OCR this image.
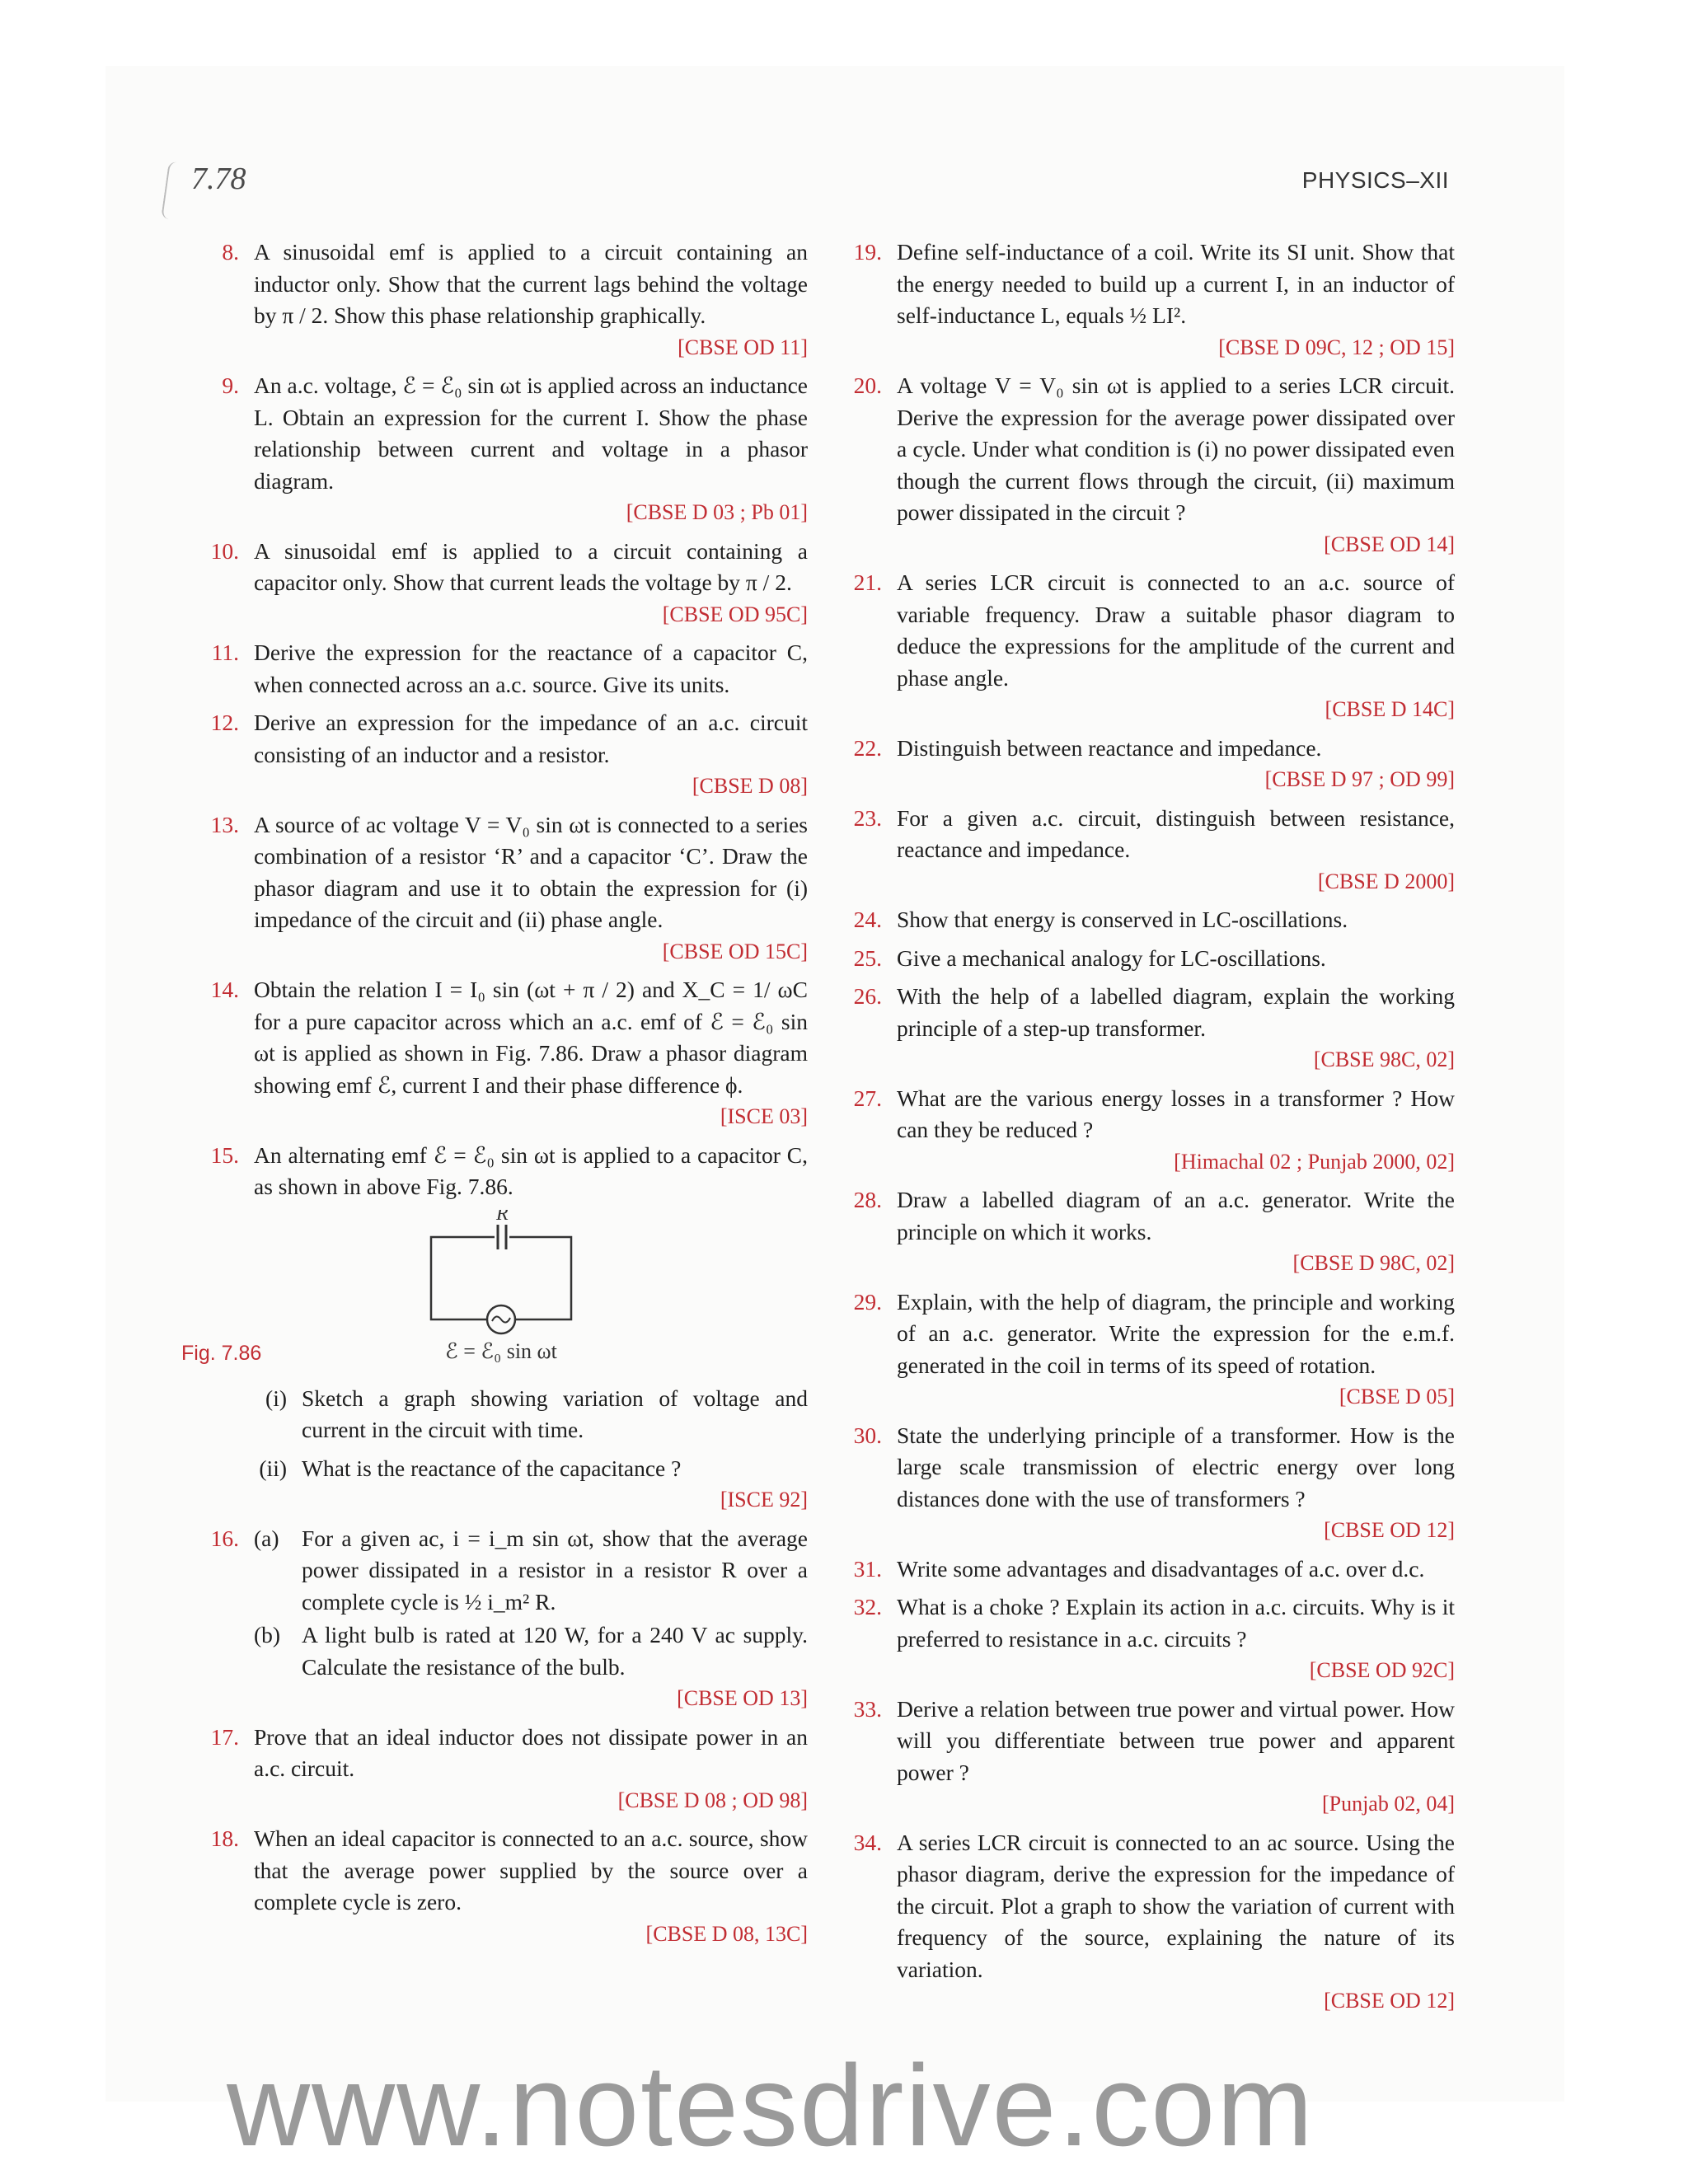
7.78	PHYSICS–XII
8. A sinusoidal emf is applied to a circuit containing an inductor only. Show that the current lags behind the voltage by π / 2. Show this phase relationship graphically.
[CBSE OD 11]
9. An a.c. voltage, ℰ = ℰ₀ sin ωt is applied across an inductance L. Obtain an expression for the current I. Show the phase relationship between current and voltage in a phasor diagram.
[CBSE D 03 ; Pb 01]
10. A sinusoidal emf is applied to a circuit containing a capacitor only. Show that current leads the voltage by π / 2.
[CBSE OD 95C]
11. Derive the expression for the reactance of a capacitor C, when connected across an a.c. source. Give its units.
12. Derive an expression for the impedance of an a.c. circuit consisting of an inductor and a resistor.
[CBSE D 08]
13. A source of ac voltage V = V₀ sin ωt is connected to a series combination of a resistor ‘R’ and a capacitor ‘C’. Draw the phasor diagram and use it to obtain the expression for (i) impedance of the circuit and (ii) phase angle.
[CBSE OD 15C]
14. Obtain the relation I = I₀ sin (ωt + π / 2) and X_C = 1/ ωC for a pure capacitor across which an a.c. emf of ℰ = ℰ₀ sin ωt is applied as shown in Fig. 7.86. Draw a phasor diagram showing emf ℰ, current I and their phase difference ϕ.
[ISCE 03]
15. An alternating emf ℰ = ℰ₀ sin ωt is applied to a capacitor C, as shown in above Fig. 7.86.
R
ℰ = ℰ₀ sin ωt
Fig. 7.86
(i) Sketch a graph showing variation of voltage and current in the circuit with time.
(ii) What is the reactance of the capacitance ?
[ISCE 92]
16. (a) For a given ac, i = i_m sin ωt, show that the average power dissipated in a resistor in a resistor R over a complete cycle is ½ i_m² R.
(b) A light bulb is rated at 120 W, for a 240 V ac supply. Calculate the resistance of the bulb.
[CBSE OD 13]
17. Prove that an ideal inductor does not dissipate power in an a.c. circuit.
[CBSE D 08 ; OD 98]
18. When an ideal capacitor is connected to an a.c. source, show that the average power supplied by the source over a complete cycle is zero.
[CBSE D 08, 13C]
19. Define self-inductance of a coil. Write its SI unit. Show that the energy needed to build up a current I, in an inductor of self-inductance L, equals ½ LI².
[CBSE D 09C, 12 ; OD 15]
20. A voltage V = V₀ sin ωt is applied to a series LCR circuit. Derive the expression for the average power dissipated over a cycle. Under what condition is (i) no power dissipated even though the current flows through the circuit, (ii) maximum power dissipated in the circuit ?
[CBSE OD 14]
21. A series LCR circuit is connected to an a.c. source of variable frequency. Draw a suitable phasor diagram to deduce the expressions for the amplitude of the current and phase angle.
[CBSE D 14C]
22. Distinguish between reactance and impedance.
[CBSE D 97 ; OD 99]
23. For a given a.c. circuit, distinguish between resistance, reactance and impedance.
[CBSE D 2000]
24. Show that energy is conserved in LC-oscillations.
25. Give a mechanical analogy for LC-oscillations.
26. With the help of a labelled diagram, explain the working principle of a step-up transformer.
[CBSE 98C, 02]
27. What are the various energy losses in a transformer ? How can they be reduced ?
[Himachal 02 ; Punjab 2000, 02]
28. Draw a labelled diagram of an a.c. generator. Write the principle on which it works.
[CBSE D 98C, 02]
29. Explain, with the help of diagram, the principle and working of an a.c. generator. Write the expression for the e.m.f. generated in the coil in terms of its speed of rotation.
[CBSE D 05]
30. State the underlying principle of a transformer. How is the large scale transmission of electric energy over long distances done with the use of transformers ?
[CBSE OD 12]
31. Write some advantages and disadvantages of a.c. over d.c.
32. What is a choke ? Explain its action in a.c. circuits. Why is it preferred to resistance in a.c. circuits ?
[CBSE OD 92C]
33. Derive a relation between true power and virtual power. How will you differentiate between true power and apparent power ?
[Punjab 02, 04]
34. A series LCR circuit is connected to an ac source. Using the phasor diagram, derive the expression for the impedance of the circuit. Plot a graph to show the variation of current with frequency of the source, explaining the nature of its variation.
[CBSE OD 12]
www.notesdrive.com
